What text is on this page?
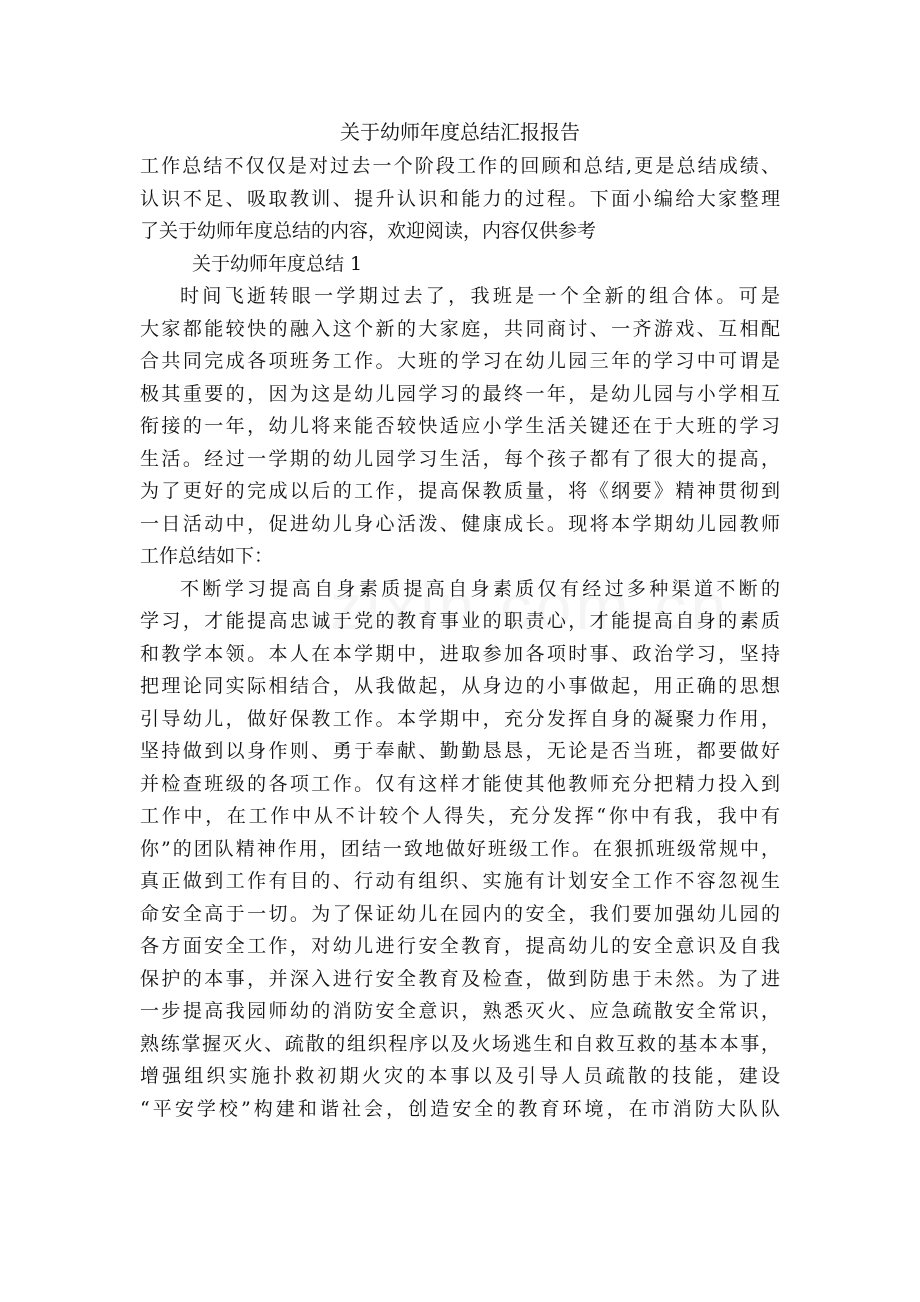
关于幼师年度总结汇报报告
工作总结不仅仅是对过去一个阶段工作的回顾和总结,更是总结成绩、
认识不足、吸取教训、提升认识和能力的过程。下面小编给大家整理
了关于幼师年度总结的内容，欢迎阅读，内容仅供参考
关于幼师年度总结 1
时间飞逝转眼一学期过去了，我班是一个全新的组合体。可是
大家都能较快的融入这个新的大家庭，共同商讨、一齐游戏、互相配
合共同完成各项班务工作。大班的学习在幼儿园三年的学习中可谓是
极其重要的，因为这是幼儿园学习的最终一年，是幼儿园与小学相互
衔接的一年，幼儿将来能否较快适应小学生活关键还在于大班的学习
生活。经过一学期的幼儿园学习生活，每个孩子都有了很大的提高，
为了更好的完成以后的工作，提高保教质量，将《纲要》精神贯彻到
一日活动中，促进幼儿身心活泼、健康成长。现将本学期幼儿园教师
工作总结如下：
不断学习提高自身素质提高自身素质仅有经过多种渠道不断的
学习，才能提高忠诚于党的教育事业的职责心，才能提高自身的素质
和教学本领。本人在本学期中，进取参加各项时事、政治学习，坚持
把理论同实际相结合，从我做起，从身边的小事做起，用正确的思想
引导幼儿，做好保教工作。本学期中，充分发挥自身的凝聚力作用，
坚持做到以身作则、勇于奉献、勤勤恳恳，无论是否当班，都要做好
并检查班级的各项工作。仅有这样才能使其他教师充分把精力投入到
工作中，在工作中从不计较个人得失，充分发挥“你中有我，我中有
你”的团队精神作用，团结一致地做好班级工作。在狠抓班级常规中，
真正做到工作有目的、行动有组织、实施有计划安全工作不容忽视生
命安全高于一切。为了保证幼儿在园内的安全，我们要加强幼儿园的
各方面安全工作，对幼儿进行安全教育，提高幼儿的安全意识及自我
保护的本事，并深入进行安全教育及检查，做到防患于未然。为了进
一步提高我园师幼的消防安全意识，熟悉灭火、应急疏散安全常识，
熟练掌握灭火、疏散的组织程序以及火场逃生和自救互救的基本本事，
增强组织实施扑救初期火灾的本事以及引导人员疏散的技能，建设
“平安学校”构建和谐社会，创造安全的教育环境，在市消防大队队
